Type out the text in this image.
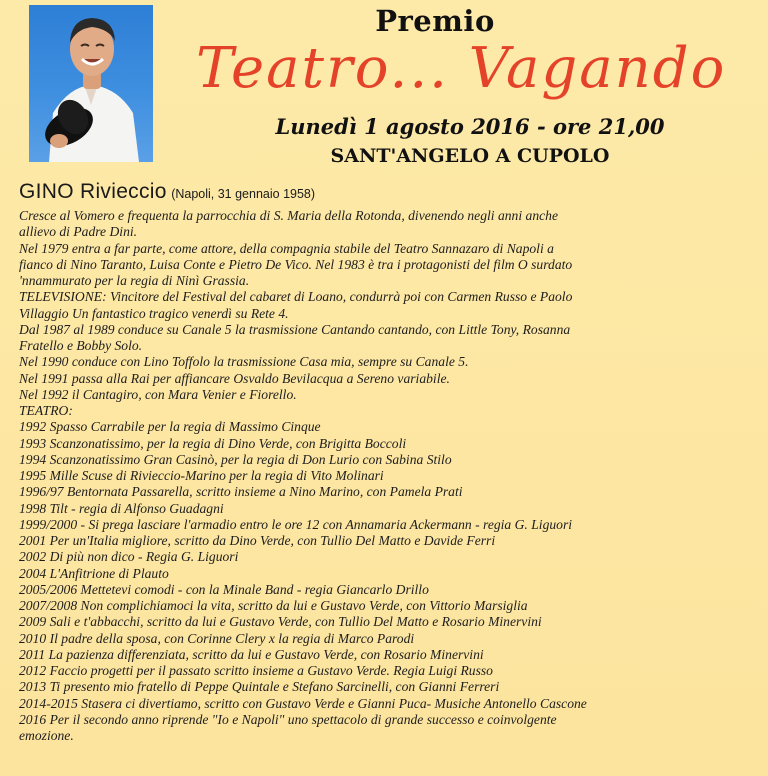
Premio
Teatro... Vagando
Lunedì 1 agosto 2016 - ore 21,00
SANT'ANGELO A CUPOLO
GINO Rivieccio (Napoli, 31 gennaio 1958)
Cresce al Vomero e frequenta la parrocchia di S. Maria della Rotonda, divenendo negli anni anche
allievo di Padre Dini.
Nel 1979 entra a far parte, come attore, della compagnia stabile del Teatro Sannazaro di Napoli a
fianco di Nino Taranto, Luisa Conte e Pietro De Vico. Nel 1983 è tra i protagonisti del film O surdato
'nnammurato per la regia di Ninì Grassia.
TELEVISIONE: Vincitore del Festival del cabaret di Loano, condurrà poi con Carmen Russo e Paolo
Villaggio Un fantastico tragico venerdì su Rete 4.
Dal 1987 al 1989 conduce su Canale 5 la trasmissione Cantando cantando, con Little Tony, Rosanna
Fratello e Bobby Solo.
Nel 1990 conduce con Lino Toffolo la trasmissione Casa mia, sempre su Canale 5.
Nel 1991 passa alla Rai per affiancare Osvaldo Bevilacqua a Sereno variabile.
Nel 1992 il Cantagiro, con Mara Venier e Fiorello.
TEATRO:
1992 Spasso Carrabile per la regia di Massimo Cinque
1993 Scanzonatissimo, per la regia di Dino Verde, con Brigitta Boccoli
1994 Scanzonatissimo Gran Casinò, per la regia di Don Lurio con Sabina Stilo
1995 Mille Scuse di Rivieccio-Marino per la regia di Vito Molinari
1996/97 Bentornata Passarella, scritto insieme a Nino Marino, con Pamela Prati
1998 Tilt - regia di Alfonso Guadagni
1999/2000 - Si prega lasciare l'armadio entro le ore 12 con Annamaria Ackermann - regia G. Liguori
2001 Per un'Italia migliore, scritto da Dino Verde, con Tullio Del Matto e Davide Ferri
2002 Di più non dico - Regia G. Liguori
2004 L'Anfitrione di Plauto
2005/2006 Mettetevi comodi - con la Minale Band - regia Giancarlo Drillo
2007/2008 Non complichiamoci la vita, scritto da lui e Gustavo Verde, con Vittorio Marsiglia
2009 Sali e t'abbacchi, scritto da lui e Gustavo Verde, con Tullio Del Matto e Rosario Minervini
2010 Il padre della sposa, con Corinne Clery x la regia di Marco Parodi
2011 La pazienza differenziata, scritto da lui e Gustavo Verde, con Rosario Minervini
2012 Faccio progetti per il passato scritto insieme a Gustavo Verde. Regia Luigi Russo
2013 Ti presento mio fratello di Peppe Quintale e Stefano Sarcinelli, con Gianni Ferreri
2014-2015 Stasera ci divertiamo, scritto con Gustavo Verde e Gianni Puca- Musiche Antonello Cascone
2016 Per il secondo anno riprende "Io e Napoli" uno spettacolo di grande successo e coinvolgente
emozione.
